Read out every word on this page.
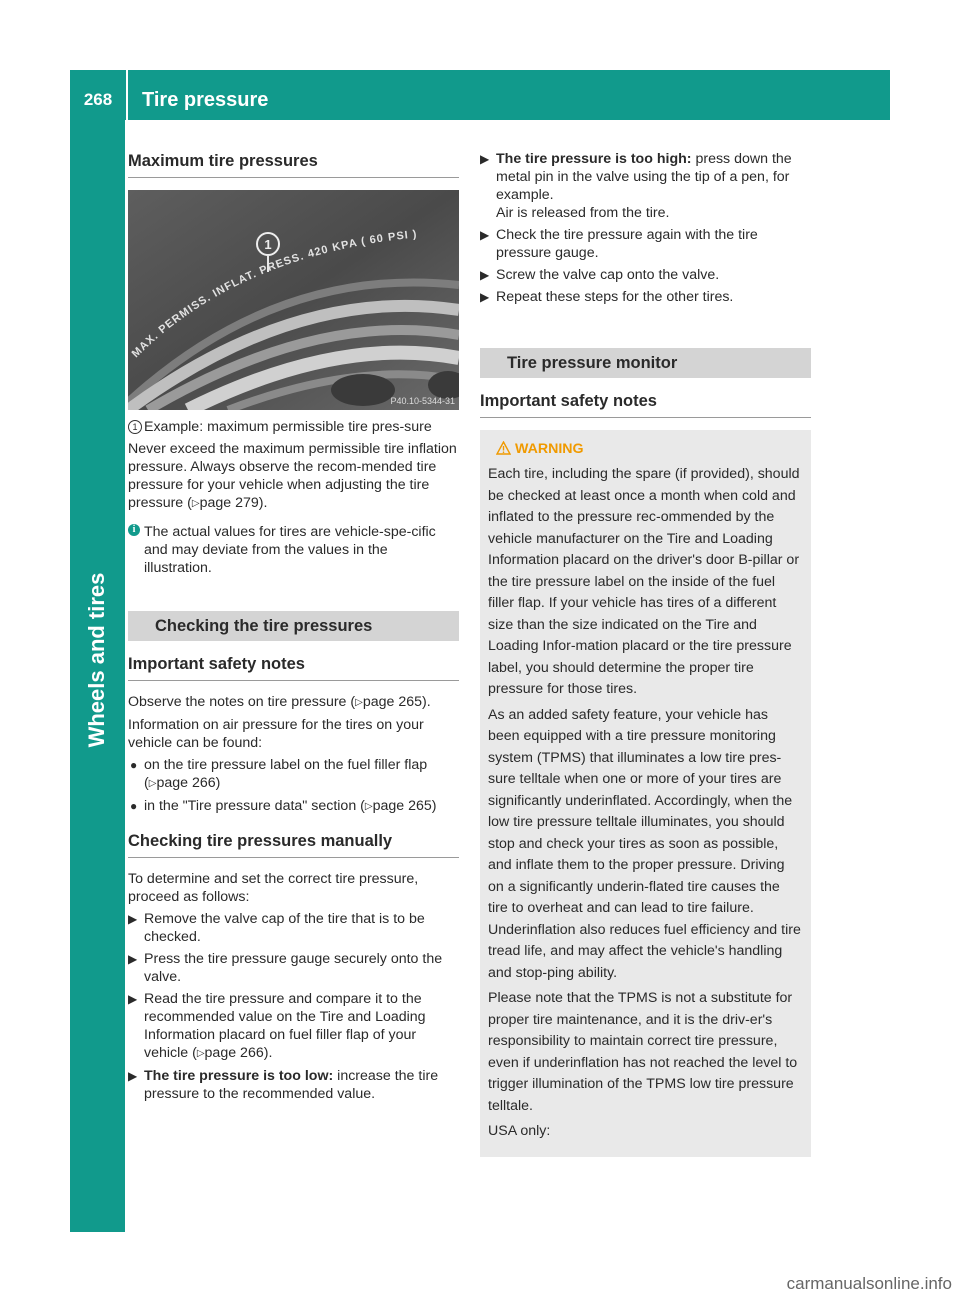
268	Tire pressure
Wheels and tires
Maximum tire pressures
MAX. PERMISS. INFLAT. PRESS. 420 KPA ( 60 PSI )
1
P40.10-5344-31
1 Example: maximum permissible tire pres-sure

Never exceed the maximum permissible tire inflation pressure. Always observe the recom-mended tire pressure for your vehicle when adjusting the tire pressure (▷page 279).

i The actual values for tires are vehicle-spe-cific and may deviate from the values in the illustration.
Checking the tire pressures
Important safety notes

Observe the notes on tire pressure (▷page 265).

Information on air pressure for the tires on your vehicle can be found:

● on the tire pressure label on the fuel filler flap (▷page 266)
● in the "Tire pressure data" section (▷page 265)
Checking tire pressures manually

To determine and set the correct tire pressure, proceed as follows:

▶ Remove the valve cap of the tire that is to be checked.
▶ Press the tire pressure gauge securely onto the valve.
▶ Read the tire pressure and compare it to the recommended value on the Tire and Loading Information placard on fuel filler flap of your vehicle (▷page 266).
▶ The tire pressure is too low: increase the tire pressure to the recommended value.
▶ The tire pressure is too high: press down the metal pin in the valve using the tip of a pen, for example.
Air is released from the tire.
▶ Check the tire pressure again with the tire pressure gauge.
▶ Screw the valve cap onto the valve.
▶ Repeat these steps for the other tires.
Tire pressure monitor
Important safety notes
WARNING

Each tire, including the spare (if provided), should be checked at least once a month when cold and inflated to the pressure rec-ommended by the vehicle manufacturer on the Tire and Loading Information placard on the driver's door B-pillar or the tire pressure label on the inside of the fuel filler flap. If your vehicle has tires of a different size than the size indicated on the Tire and Loading Infor-mation placard or the tire pressure label, you should determine the proper tire pressure for those tires.

As an added safety feature, your vehicle has been equipped with a tire pressure monitoring system (TPMS) that illuminates a low tire pres-sure telltale when one or more of your tires are significantly underinflated. Accordingly, when the low tire pressure telltale illuminates, you should stop and check your tires as soon as possible, and inflate them to the proper pressure. Driving on a significantly underin-flated tire causes the tire to overheat and can lead to tire failure. Underinflation also reduces fuel efficiency and tire tread life, and may affect the vehicle's handling and stop-ping ability.

Please note that the TPMS is not a substitute for proper tire maintenance, and it is the driv-er's responsibility to maintain correct tire pressure, even if underinflation has not reached the level to trigger illumination of the TPMS low tire pressure telltale.

USA only:

carmanualsonline.info
